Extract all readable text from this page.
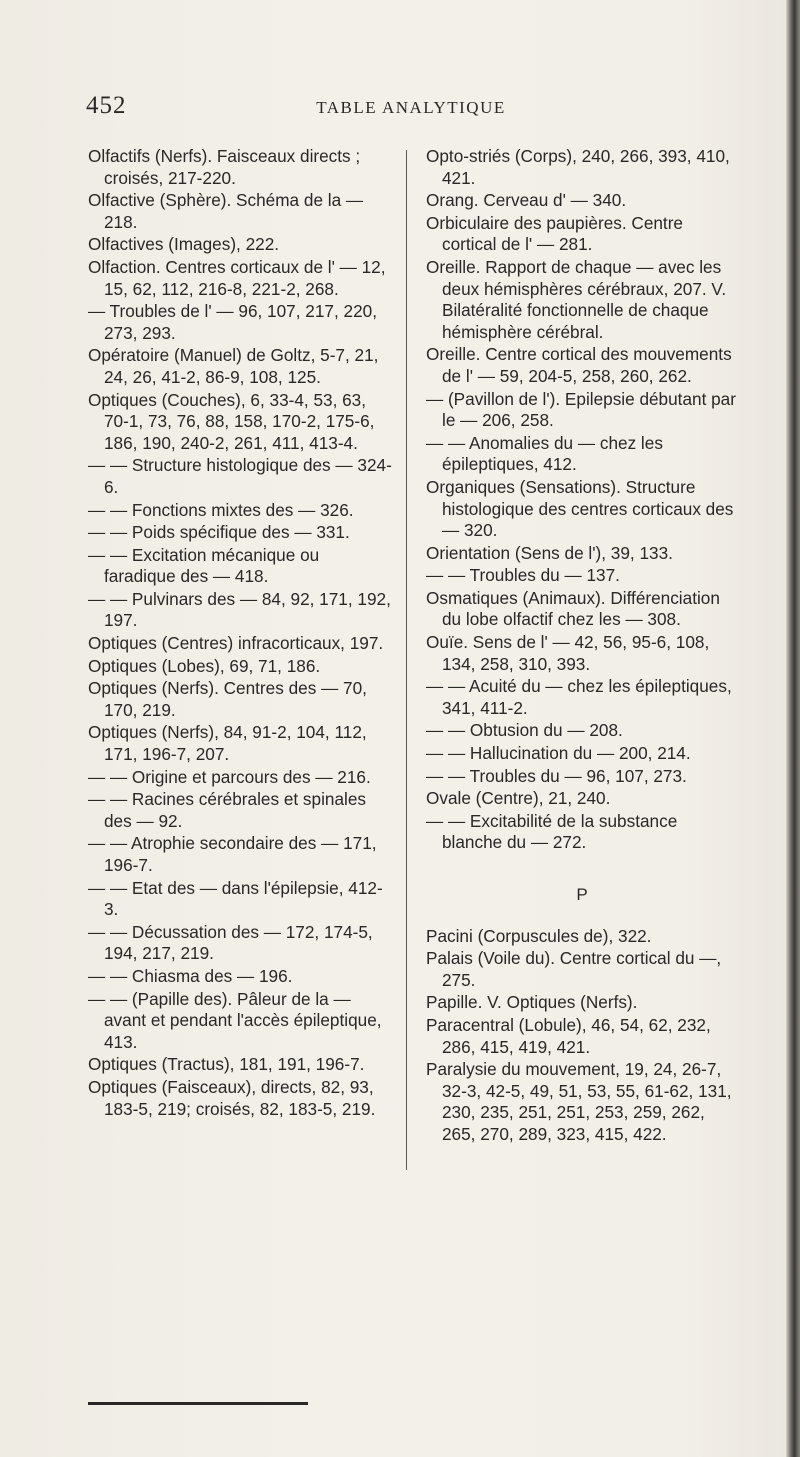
452	TABLE ANALYTIQUE
Olfactifs (Nerfs). Faisceaux directs ; croisés, 217-220.
Olfactive (Sphère). Schéma de la — 218.
Olfactives (Images), 222.
Olfaction. Centres corticaux de l' — 12, 15, 62, 112, 216-8, 221-2, 268.
— Troubles de l' — 96, 107, 217, 220, 273, 293.
Opératoire (Manuel) de Goltz, 5-7, 21, 24, 26, 41-2, 86-9, 108, 125.
Optiques (Couches), 6, 33-4, 53, 63, 70-1, 73, 76, 88, 158, 170-2, 175-6, 186, 190, 240-2, 261, 411, 413-4.
— — Structure histologique des — 324-6.
— — Fonctions mixtes des — 326.
— — Poids spécifique des — 331.
— — Excitation mécanique ou faradique des — 418.
— — Pulvinars des — 84, 92, 171, 192, 197.
Optiques (Centres) infracorticaux, 197.
Optiques (Lobes), 69, 71, 186.
Optiques (Nerfs). Centres des — 70, 170, 219.
Optiques (Nerfs), 84, 91-2, 104, 112, 171, 196-7, 207.
— — Origine et parcours des — 216.
— — Racines cérébrales et spinales des — 92.
— — Atrophie secondaire des — 171, 196-7.
— — Etat des — dans l'épilepsie, 412-3.
— — Décussation des — 172, 174-5, 194, 217, 219.
— — Chiasma des — 196.
— — (Papille des). Pâleur de la — avant et pendant l'accès épileptique, 413.
Optiques (Tractus), 181, 191, 196-7.
Optiques (Faisceaux), directs, 82, 93, 183-5, 219; croisés, 82, 183-5, 219.
Opto-striés (Corps), 240, 266, 393, 410, 421.
Orang. Cerveau d' — 340.
Orbiculaire des paupières. Centre cortical de l' — 281.
Oreille. Rapport de chaque — avec les deux hémisphères cérébraux, 207. V. Bilatéralité fonctionnelle de chaque hémisphère cérébral.
Oreille. Centre cortical des mouvements de l' — 59, 204-5, 258, 260, 262.
— (Pavillon de l'). Epilepsie débutant par le — 206, 258.
— — Anomalies du — chez les épileptiques, 412.
Organiques (Sensations). Structure histologique des centres corticaux des — 320.
Orientation (Sens de l'), 39, 133.
— — Troubles du — 137.
Osmatiques (Animaux). Différenciation du lobe olfactif chez les — 308.
Ouïe. Sens de l' — 42, 56, 95-6, 108, 134, 258, 310, 393.
— — Acuité du — chez les épileptiques, 341, 411-2.
— — Obtusion du — 208.
— — Hallucination du — 200, 214.
— — Troubles du — 96, 107, 273.
Ovale (Centre), 21, 240.
— — Excitabilité de la substance blanche du — 272.
P
Pacini (Corpuscules de), 322.
Palais (Voile du). Centre cortical du —, 275.
Papille. V. Optiques (Nerfs).
Paracentral (Lobule), 46, 54, 62, 232, 286, 415, 419, 421.
Paralysie du mouvement, 19, 24, 26-7, 32-3, 42-5, 49, 51, 53, 55, 61-62, 131, 230, 235, 251, 251, 253, 259, 262, 265, 270, 289, 323, 415, 422.
